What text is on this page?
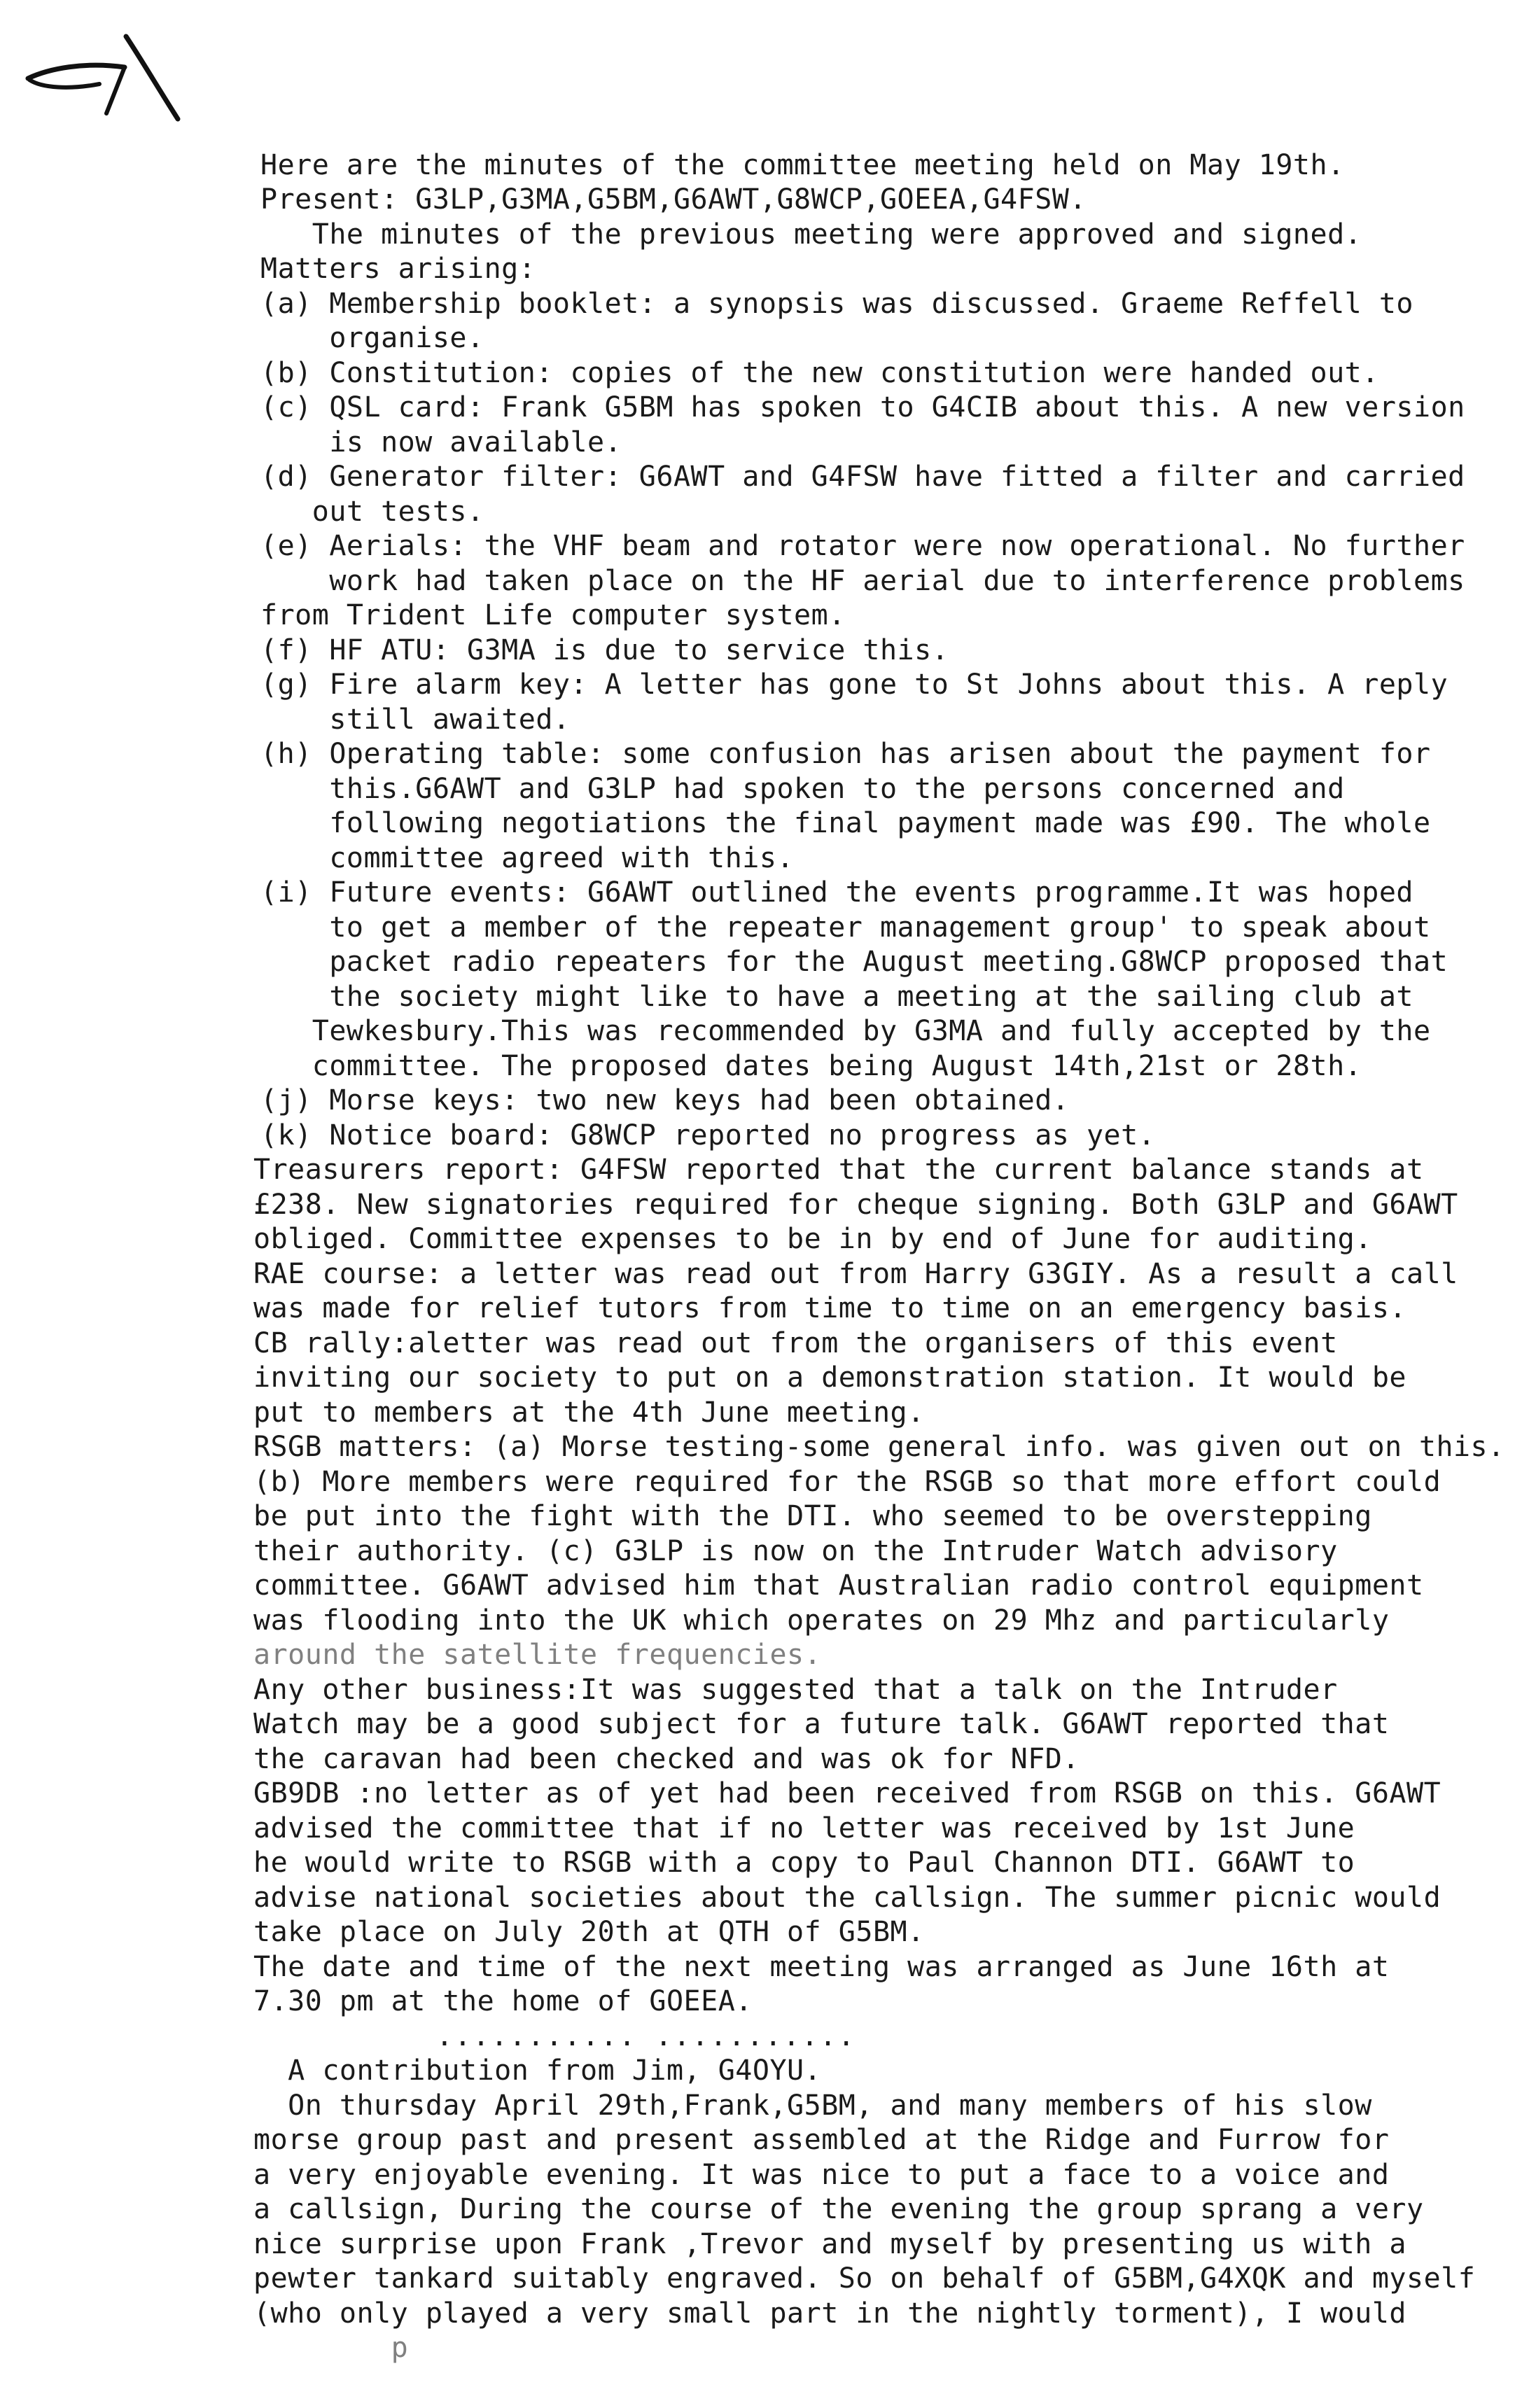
Here are the minutes of the committee meeting held on May 19th.
Present: G3LP,G3MA,G5BM,G6AWT,G8WCP,GOEEA,G4FSW.
The minutes of the previous meeting were approved and signed.
Matters arising:
(a) Membership booklet: a synopsis was discussed. Graeme Reffell to
organise.
(b) Constitution: copies of the new constitution were handed out.
(c) QSL card: Frank G5BM has spoken to G4CIB about this. A new version
is now available.
(d) Generator filter: G6AWT and G4FSW have fitted a filter and carried
out tests.
(e) Aerials: the VHF beam and rotator were now operational. No further
work had taken place on the HF aerial due to interference problems
from Trident Life computer system.
(f) HF ATU: G3MA is due to service this.
(g) Fire alarm key: A letter has gone to St Johns about this. A reply
still awaited.
(h) Operating table: some confusion has arisen about the payment for
this.G6AWT and G3LP had spoken to the persons concerned and
following negotiations the final payment made was £90. The whole
committee agreed with this.
(i) Future events: G6AWT outlined the events programme.It was hoped
to get a member of the repeater management group' to speak about
packet radio repeaters for the August meeting.G8WCP proposed that
the society might like to have a meeting at the sailing club at
Tewkesbury.This was recommended by G3MA and fully accepted by the
committee. The proposed dates being August 14th,21st or 28th.
(j) Morse keys: two new keys had been obtained.
(k) Notice board: G8WCP reported no progress as yet.
Treasurers report: G4FSW reported that the current balance stands at
£238. New signatories required for cheque signing. Both G3LP and G6AWT
obliged. Committee expenses to be in by end of June for auditing.
RAE course: a letter was read out from Harry G3GIY. As a result a call
was made for relief tutors from time to time on an emergency basis.
CB rally:aletter was read out from the organisers of this event
inviting our society to put on a demonstration station. It would be
put to members at the 4th June meeting.
RSGB matters: (a) Morse testing-some general info. was given out on this.
(b) More members were required for the RSGB so that more effort could
be put into the fight with the DTI. who seemed to be overstepping
their authority. (c) G3LP is now on the Intruder Watch advisory
committee. G6AWT advised him that Australian radio control equipment
was flooding into the UK which operates on 29 Mhz and particularly
around the satellite frequencies.
Any other business:It was suggested that a talk on the Intruder
Watch may be a good subject for a future talk. G6AWT reported that
the caravan had been checked and was ok for NFD.
GB9DB :no letter as of yet had been received from RSGB on this. G6AWT
advised the committee that if no letter was received by 1st June
he would write to RSGB with a copy to Paul Channon DTI. G6AWT to
advise national societies about the callsign. The summer picnic would
take place on July 20th at QTH of G5BM.
The date and time of the next meeting was arranged as June 16th at
7.30 pm at the home of GOEEA.
........... ...........
A contribution from Jim, G4OYU.
On thursday April 29th,Frank,G5BM, and many members of his slow
morse group past and present assembled at the Ridge and Furrow for
a very enjoyable evening. It was nice to put a face to a voice and
a callsign, During the course of the evening the group sprang a very
nice surprise upon Frank ,Trevor and myself by presenting us with a
pewter tankard suitably engraved. So on behalf of G5BM,G4XQK and myself
(who only played a very small part in the nightly torment), I would
p
